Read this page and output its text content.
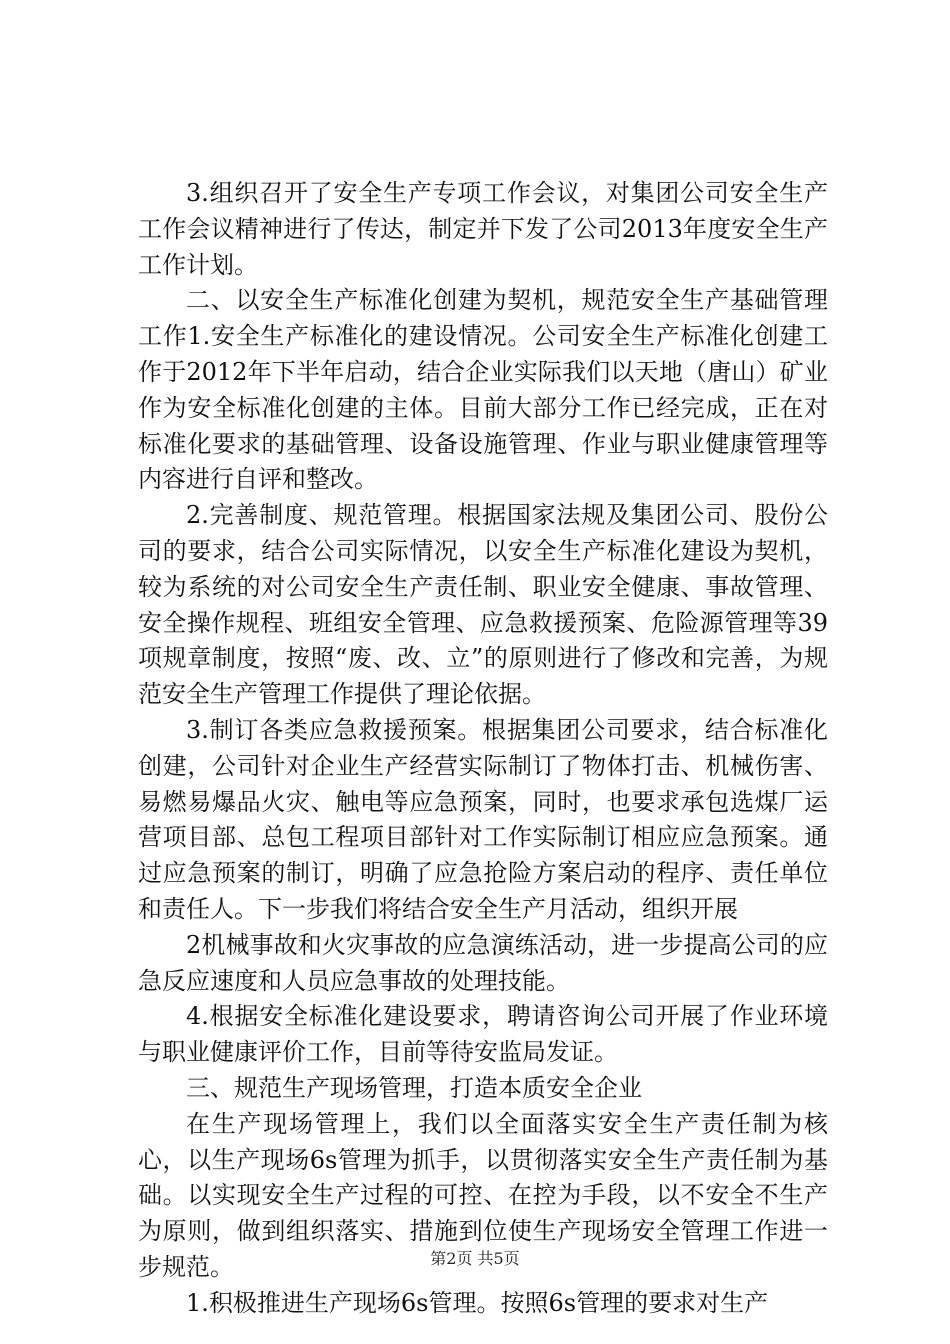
3.组织召开了安全生产专项工作会议，对集团公司安全生产工作会议精神进行了传达，制定并下发了公司2013年度安全生产工作计划。

二、以安全生产标准化创建为契机，规范安全生产基础管理工作1.安全生产标准化的建设情况。公司安全生产标准化创建工作于2012年下半年启动，结合企业实际我们以天地（唐山）矿业作为安全标准化创建的主体。目前大部分工作已经完成，正在对标准化要求的基础管理、设备设施管理、作业与职业健康管理等内容进行自评和整改。

2.完善制度、规范管理。根据国家法规及集团公司、股份公司的要求，结合公司实际情况，以安全生产标准化建设为契机，较为系统的对公司安全生产责任制、职业安全健康、事故管理、安全操作规程、班组安全管理、应急救援预案、危险源管理等39项规章制度，按照“废、改、立”的原则进行了修改和完善，为规范安全生产管理工作提供了理论依据。

3.制订各类应急救援预案。根据集团公司要求，结合标准化创建，公司针对企业生产经营实际制订了物体打击、机械伤害、易燃易爆品火灾、触电等应急预案，同时，也要求承包选煤厂运营项目部、总包工程项目部针对工作实际制订相应应急预案。通过应急预案的制订，明确了应急抢险方案启动的程序、责任单位和责任人。下一步我们将结合安全生产月活动，组织开展

2机械事故和火灾事故的应急演练活动，进一步提高公司的应急反应速度和人员应急事故的处理技能。

4.根据安全标准化建设要求，聘请咨询公司开展了作业环境与职业健康评价工作，目前等待安监局发证。

三、规范生产现场管理，打造本质安全企业

在生产现场管理上，我们以全面落实安全生产责任制为核心，以生产现场6s管理为抓手，以贯彻落实安全生产责任制为基础。以实现安全生产过程的可控、在控为手段，以不安全不生产为原则，做到组织落实、措施到位使生产现场安全管理工作进一步规范。

1.积极推进生产现场6s管理。按照6s管理的要求对生产

第2页 共5页
